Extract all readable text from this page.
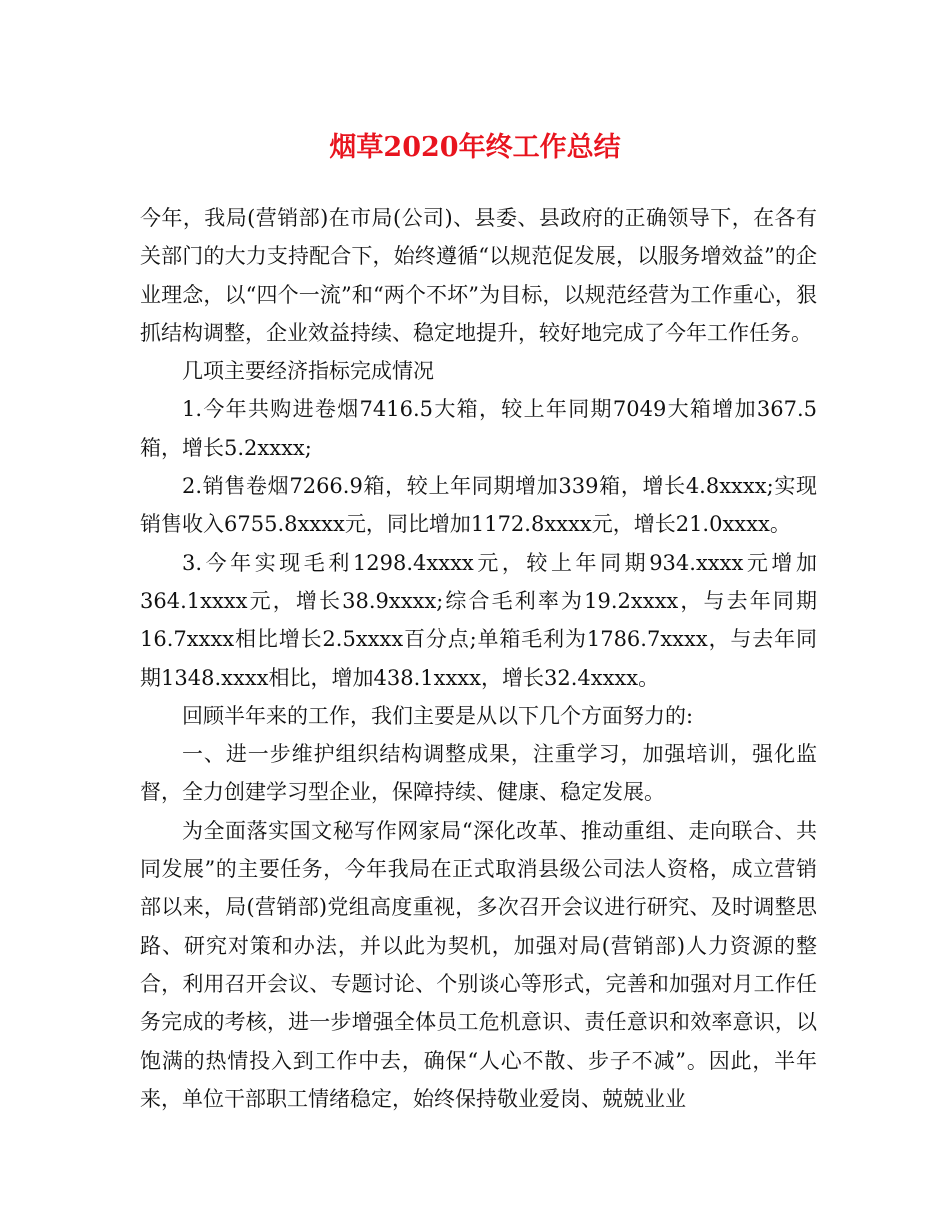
烟草2020年终工作总结

今年，我局(营销部)在市局(公司)、县委、县政府的正确领导下，在各有关部门的大力支持配合下，始终遵循“以规范促发展，以服务增效益”的企业理念，以“四个一流”和“两个不坏”为目标，以规范经营为工作重心，狠抓结构调整，企业效益持续、稳定地提升，较好地完成了今年工作任务。

几项主要经济指标完成情况

1.今年共购进卷烟7416.5大箱，较上年同期7049大箱增加367.5箱，增长5.2xxxx;

2.销售卷烟7266.9箱，较上年同期增加339箱，增长4.8xxxx;实现销售收入6755.8xxxx元，同比增加1172.8xxxx元，增长21.0xxxx。

3.今年实现毛利1298.4xxxx元，较上年同期934.xxxx元增加364.1xxxx元，增长38.9xxxx;综合毛利率为19.2xxxx，与去年同期16.7xxxx相比增长2.5xxxx百分点;单箱毛利为1786.7xxxx，与去年同期1348.xxxx相比，增加438.1xxxx，增长32.4xxxx。

回顾半年来的工作，我们主要是从以下几个方面努力的:

一、进一步维护组织结构调整成果，注重学习，加强培训，强化监督，全力创建学习型企业，保障持续、健康、稳定发展。

为全面落实国文秘写作网家局“深化改革、推动重组、走向联合、共同发展”的主要任务，今年我局在正式取消县级公司法人资格，成立营销部以来，局(营销部)党组高度重视，多次召开会议进行研究、及时调整思路、研究对策和办法，并以此为契机，加强对局(营销部)人力资源的整合，利用召开会议、专题讨论、个别谈心等形式，完善和加强对月工作任务完成的考核，进一步增强全体员工危机意识、责任意识和效率意识，以饱满的热情投入到工作中去，确保“人心不散、步子不减”。因此，半年来，单位干部职工情绪稳定，始终保持敬业爱岗、兢兢业业
